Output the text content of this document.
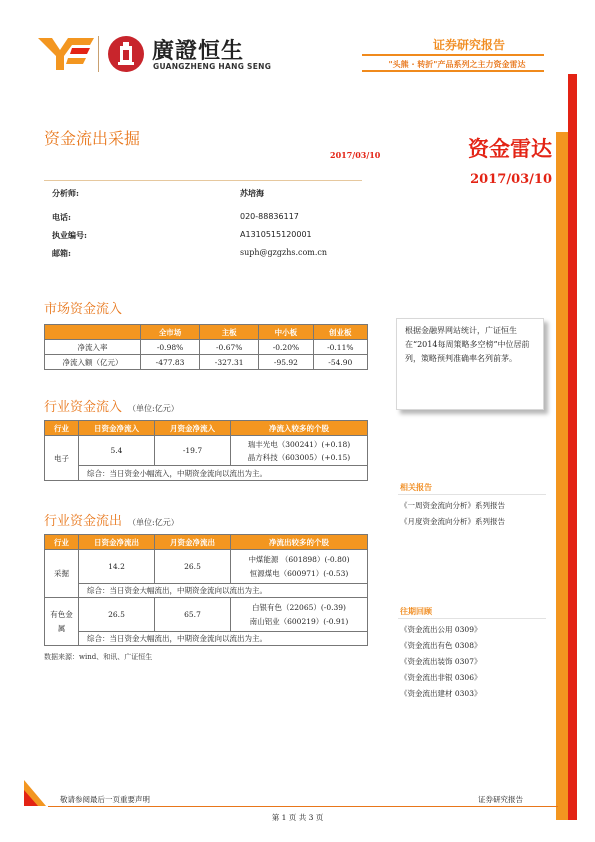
廣證恒生
GUANGZHENG HANG SENG
证券研究报告
"头熊 · 转折"产品系列之主力资金雷达
资金流出采掘
2017/03/10	资金雷达
2017/03/10
分析师:	苏培海
电话:	020-88836117
执业编号:	A1310515120001
邮箱:	suph@gzgzhs.com.cn
市场资金流入
	全市场	主板	中小板	创业板
净流入率	-0.98%	-0.67%	-0.20%	-0.11%
净流入额（亿元）	-477.83	-327.31	-95.92	-54.90
行业资金流入 （单位:亿元）
行业	日资金净流入	月资金净流入	净流入较多的个股
电子	5.4	-19.7	瑞丰光电（300241）(+0.18)
晶方科技（603005）(+0.15)

	综合：当日资金小幅流入，中期资金流向以流出为主。		
行业资金流出 （单位:亿元）
行业	日资金净流出	月资金净流出	净流出较多的个股
采掘	14.2	26.5	中煤能源 （601898）(-0.80)
恒源煤电（600971）(-0.53)

	综合：当日资金大幅流出，中期资金流向以流出为主。		
有色金属	26.5	65.7	白银有色（22065）(-0.39)
南山铝业（600219）(-0.91)

	综合：当日资金大幅流出，中期资金流向以流出为主。		
数据来源：wind、和讯、广证恒生
根据金融界网站统计，广证恒生在“2014每周策略多空榜”中位居前列，策略预判准确率名列前茅。
相关报告
《一周资金流向分析》系列报告
《月度资金流向分析》系列报告
往期回顾
《资金流出公用 0309》
《资金流出有色 0308》
《资金流出装饰 0307》
《资金流出非银 0306》
《资金流出建材 0303》
敬请参阅最后一页重要声明	证券研究报告
第 1 页 共 3 页
